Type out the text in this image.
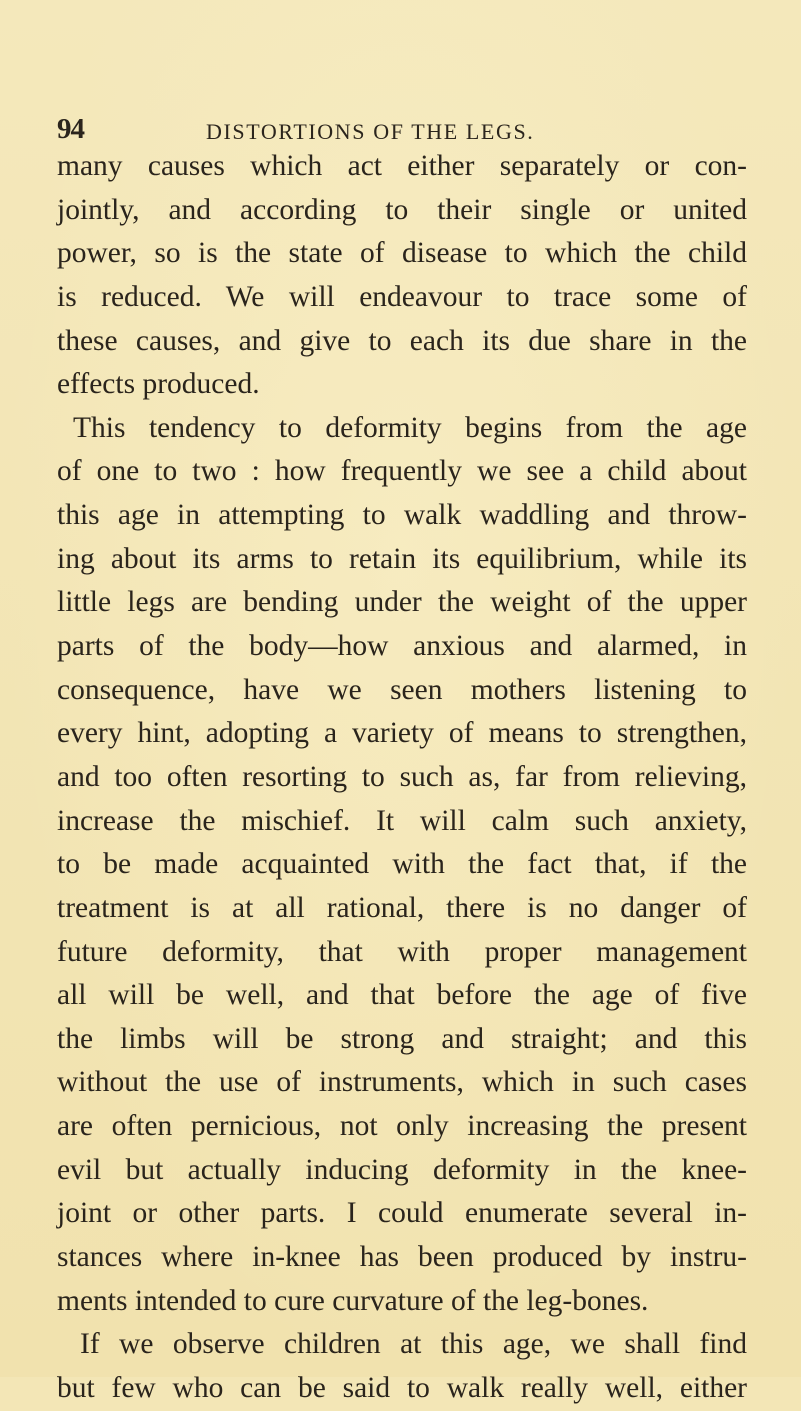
94	DISTORTIONS OF THE LEGS.
many causes which act either separately or con-
jointly, and according to their single or united
power, so is the state of disease to which the child
is reduced. We will endeavour to trace some of
these causes, and give to each its due share in the
effects produced.
This tendency to deformity begins from the age
of one to two : how frequently we see a child about
this age in attempting to walk waddling and throw-
ing about its arms to retain its equilibrium, while its
little legs are bending under the weight of the upper
parts of the body—how anxious and alarmed, in
consequence, have we seen mothers listening to
every hint, adopting a variety of means to strengthen,
and too often resorting to such as, far from relieving,
increase the mischief. It will calm such anxiety,
to be made acquainted with the fact that, if the
treatment is at all rational, there is no danger of
future deformity, that with proper management
all will be well, and that before the age of five
the limbs will be strong and straight; and this
without the use of instruments, which in such cases
are often pernicious, not only increasing the present
evil but actually inducing deformity in the knee-
joint or other parts. I could enumerate several in-
stances where in-knee has been produced by instru-
ments intended to cure curvature of the leg-bones.
If we observe children at this age, we shall find
but few who can be said to walk really well, either
